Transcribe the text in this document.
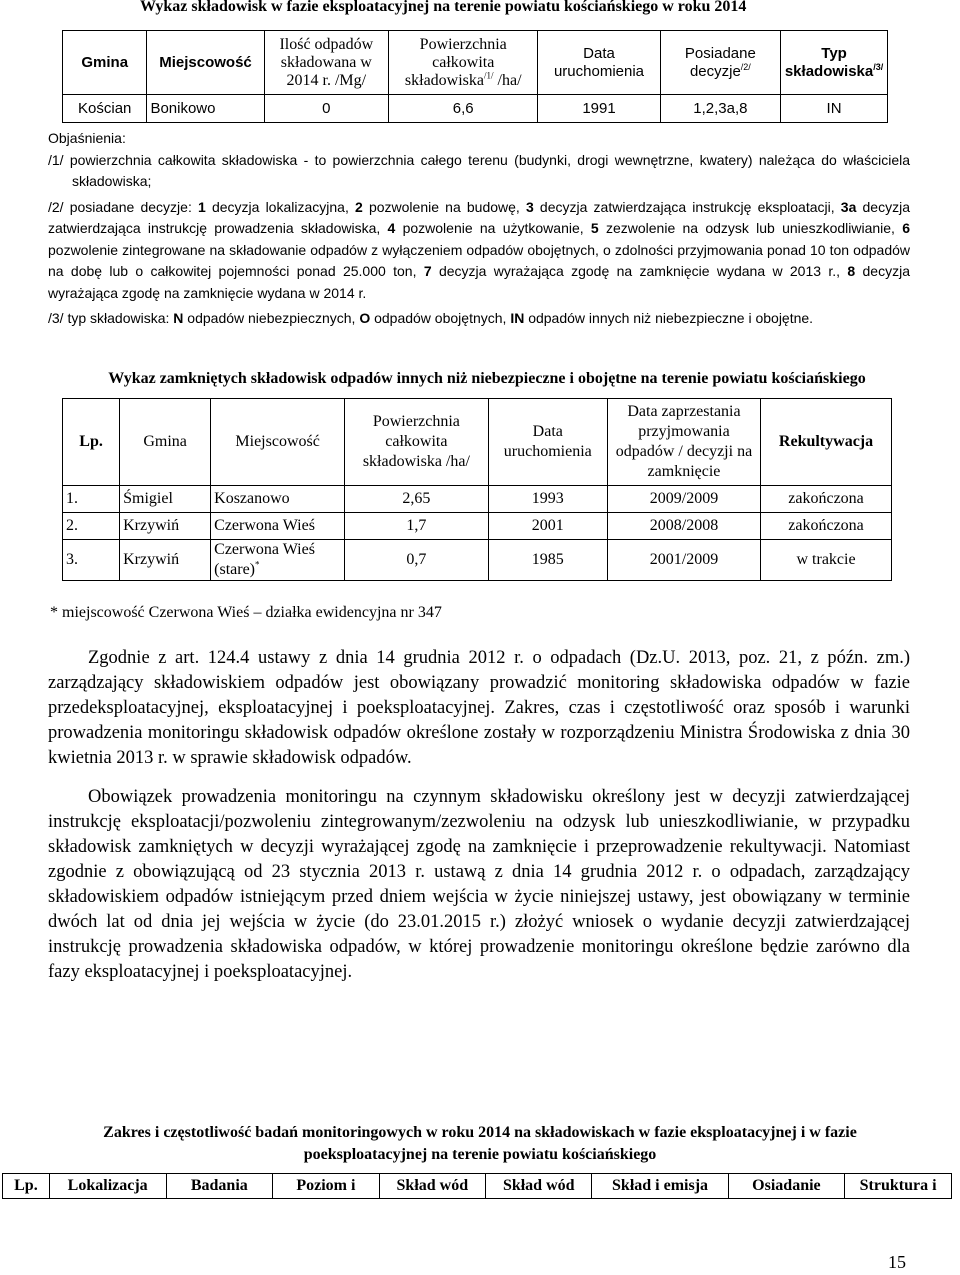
Wykaz składowisk w fazie eksploatacyjnej na terenie powiatu kościańskiego w roku 2014
Gmina	Miejscowość	Ilość odpadów składowana w 2014 r. /Mg/	Powierzchnia całkowita składowiska$^{/1/}$ /ha/	Data uruchomienia	Posiadane decyzje$^{/2/}$	Typ składowiska$^{/3/}$
Kościan	Bonikowo	0	6,6	1991	1,2,3a,8	IN

Objaśnienia:

/1/ powierzchnia całkowita składowiska - to powierzchnia całego terenu (budynki, drogi wewnętrzne, kwatery) należąca do właściciela składowiska;

/2/ posiadane decyzje: 1 decyzja lokalizacyjna, 2 pozwolenie na budowę, 3 decyzja zatwierdzająca instrukcję eksploatacji, 3a decyzja zatwierdzająca instrukcję prowadzenia składowiska, 4 pozwolenie na użytkowanie, 5 zezwolenie na odzysk lub unieszkodliwianie, 6 pozwolenie zintegrowane na składowanie odpadów z wyłączeniem odpadów obojętnych, o zdolności przyjmowania ponad 10 ton odpadów na dobę lub o całkowitej pojemności ponad 25.000 ton, 7 decyzja wyrażająca zgodę na zamknięcie wydana w 2013 r., 8 decyzja wyrażająca zgodę na zamknięcie wydana w 2014 r.

/3/ typ składowiska: N odpadów niebezpiecznych, O odpadów obojętnych, IN odpadów innych niż niebezpieczne i obojętne.

Wykaz zamkniętych składowisk odpadów innych niż niebezpieczne i obojętne na terenie powiatu kościańskiego
Lp.	Gmina	Miejscowość	Powierzchnia całkowita składowiska /ha/	Data uruchomienia	Data zaprzestania przyjmowania odpadów / decyzji na zamknięcie	Rekultywacja
1.	Śmigiel	Koszanowo	2,65	1993	2009/2009	zakończona
2.	Krzywiń	Czerwona Wieś	1,7	2001	2008/2008	zakończona
3.	Krzywiń	Czerwona Wieś (stare)*	0,7	1985	2001/2009	w trakcie
* miejscowość Czerwona Wieś – działka ewidencyjna nr 347

Zgodnie z art. 124.4 ustawy z dnia 14 grudnia 2012 r. o odpadach (Dz.U. 2013, poz. 21, z późn. zm.) zarządzający składowiskiem odpadów jest obowiązany prowadzić monitoring składowiska odpadów w fazie przedeksploatacyjnej, eksploatacyjnej i poeksploatacyjnej. Zakres, czas i częstotliwość oraz sposób i warunki prowadzenia monitoringu składowisk odpadów określone zostały w rozporządzeniu Ministra Środowiska z dnia 30 kwietnia 2013 r. w sprawie składowisk odpadów.

Obowiązek prowadzenia monitoringu na czynnym składowisku określony jest w decyzji zatwierdzającej instrukcję eksploatacji/pozwoleniu zintegrowanym/zezwoleniu na odzysk lub unieszkodliwianie, w przypadku składowisk zamkniętych w decyzji wyrażającej zgodę na zamknięcie i przeprowadzenie rekultywacji. Natomiast zgodnie z obowiązującą od 23 stycznia 2013 r. ustawą z dnia 14 grudnia 2012 r. o odpadach, zarządzający składowiskiem odpadów istniejącym przed dniem wejścia w życie niniejszej ustawy, jest obowiązany w terminie dwóch lat od dnia jej wejścia w życie (do 23.01.2015 r.) złożyć wniosek o wydanie decyzji zatwierdzającej instrukcję prowadzenia składowiska odpadów, w której prowadzenie monitoringu określone będzie zarówno dla fazy eksploatacyjnej i poeksploatacyjnej.

Zakres i częstotliwość badań monitoringowych w roku 2014 na składowiskach w fazie eksploatacyjnej i w fazie poeksploatacyjnej na terenie powiatu kościańskiego
Lp.	Lokalizacja	Badania	Poziom i	Skład wód	Skład wód	Skład i emisja	Osiadanie	Struktura i
15
